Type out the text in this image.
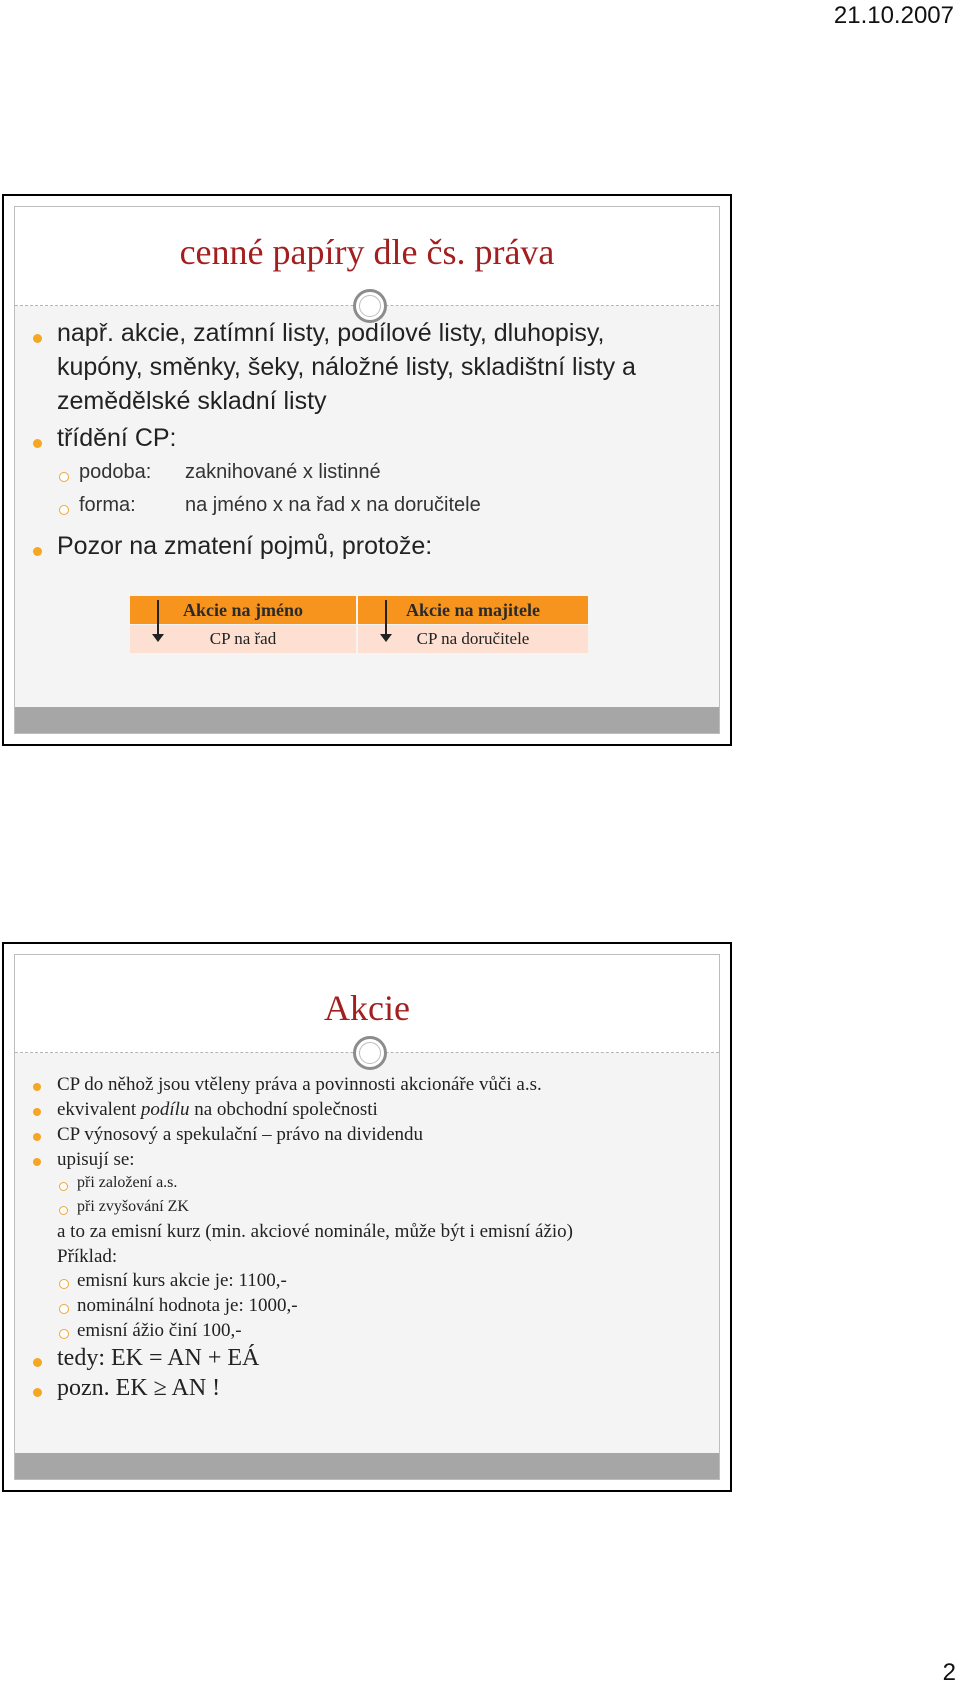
21.10.2007
cenné papíry dle čs. práva
např. akcie, zatímní listy, podílové listy, dluhopisy,
kupóny, směnky, šeky, náložné listy, skladištní listy a
zemědělské skladní listy
třídění CP:
podoba: zaknihované x listinné
forma: na jméno x na řad x na doručitele
Pozor na zmatení pojmů, protože:
Akcie na jméno	Akcie na majitele
CP na řad	CP na doručitele
Akcie
CP do něhož jsou vtěleny práva a povinnosti akcionáře vůči a.s.
ekvivalent podílu na obchodní společnosti
CP výnosový a spekulační – právo na dividendu
upisují se:
při založení a.s.
při zvyšování ZK
a to za emisní kurz (min. akciové nominále, může být i emisní ážio)
Příklad:
emisní kurs akcie je: 1100,-
nominální hodnota je: 1000,-
emisní ážio činí 100,-
tedy: EK = AN + EÁ
pozn. EK ≥ AN !
2
